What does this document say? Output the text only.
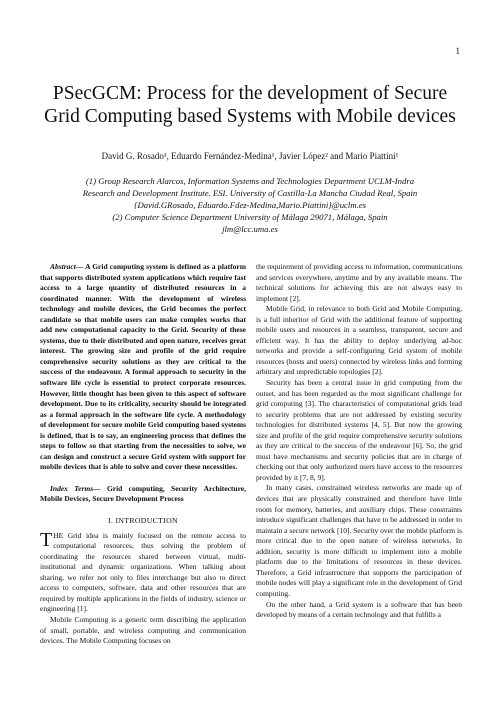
1
PSecGCM: Process for the development of Secure Grid Computing based Systems with Mobile devices
David G. Rosado¹, Eduardo Fernández-Medina¹, Javier López² and Mario Piattini¹
(1) Group Research Alarcos, Information Systems and Technologies Department UCLM-Indra
Research and Development Institute. ESI. University of Castilla-La Mancha Ciudad Real, Spain
{David.GRosado, Eduardo.Fdez-Medina,Mario.Piattini}@uclm.es
(2) Computer Science Department University of Málaga 29071, Málaga, Spain
jlm@lcc.uma.es

Abstract— A Grid computing system is defined as a platform that supports distributed system applications which require fast access to a large quantity of distributed resources in a coordinated manner. With the development of wireless technology and mobile devices, the Grid becomes the perfect candidate so that mobile users can make complex works that add new computational capacity to the Grid. Security of these systems, due to their distributed and open nature, receives great interest. The growing size and profile of the grid require comprehensive security solutions as they are critical to the success of the endeavour. A formal approach to security in the software life cycle is essential to protect corporate resources. However, little thought has been given to this aspect of software development. Due to its criticality, security should be integrated as a formal approach in the software life cycle. A methodology of development for secure mobile Grid computing based systems is defined, that is to say, an engineering process that defines the steps to follow so that starting from the necessities to solve, we can design and construct a secure Grid system with support for mobile devices that is able to solve and cover these necessities.

Index Terms— Grid computing, Security Architecture, Mobile Devices, Secure Development Process

I. INTRODUCTION

THE Grid idea is mainly focused on the remote access to computational resources, thus solving the problem of coordinating the resources shared between virtual, multi-institutional and dynamic organizations. When talking about sharing, we refer not only to files interchange but also to direct access to computers, software, data and other resources that are required by multiple applications in the fields of industry, science or engineering [1].

Mobile Computing is a generic term describing the application of small, portable, and wireless computing and communication devices. The Mobile Computing focuses on

the requirement of providing access to information, communications and services everywhere, anytime and by any available means. The technical solutions for achieving this are not always easy to implement [2].

Mobile Grid, in relevance to both Grid and Mobile Computing, is a full inheritor of Grid with the additional feature of supporting mobile users and resources in a seamless, transparent, secure and efficient way. It has the ability to deploy underlying ad-hoc networks and provide a self-configuring Grid system of mobile resources (hosts and users) connected by wireless links and forming arbitrary and unpredictable topologies [2].

Security has been a central issue in grid computing from the outset, and has been regarded as the most significant challenge for grid computing [3]. The characteristics of computational grids lead to security problems that are not addressed by existing security technologies for distributed systems [4, 5]. But now the growing size and profile of the grid require comprehensive security solutions as they are critical to the success of the endeavour [6]. So, the grid must have mechanisms and security policies that are in charge of checking out that only authorized users have access to the resources provided by it [7, 8, 9].

In many cases, constrained wireless networks are made up of devices that are physically constrained and therefore have little room for memory, batteries, and auxiliary chips. These constraints introduce significant challenges that have to be addressed in order to maintain a secure network [10]. Security over the mobile platform is more critical due to the open nature of wireless networks. In addition, security is more difficult to implement into a mobile platform due to the limitations of resources in these devices. Therefore, a Grid infrastructure that supports the participation of mobile nodes will play a significant role in the development of Grid computing.

On the other hand, a Grid system is a software that has been developed by means of a certain technology and that fulfills a
